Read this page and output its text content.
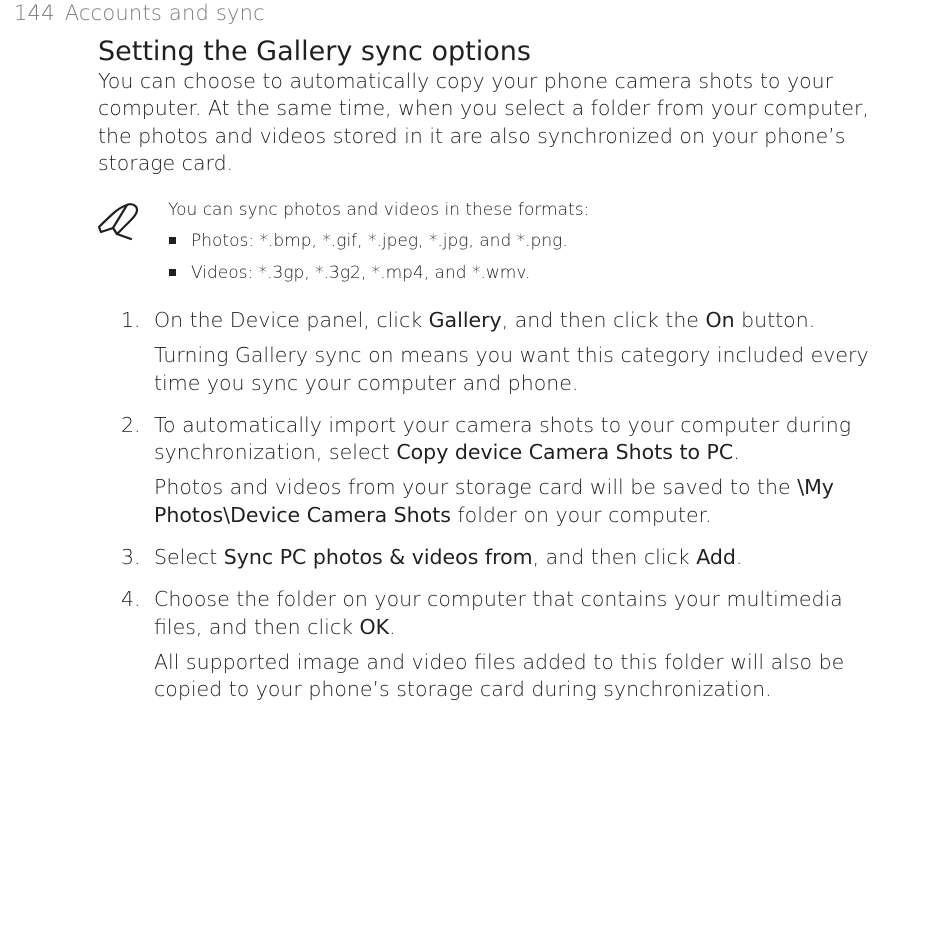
144 Accounts and sync
Setting the Gallery sync options

You can choose to automatically copy your phone camera shots to your computer. At the same time, when you select a folder from your computer, the photos and videos stored in it are also synchronized on your phone’s storage card.

You can sync photos and videos in these formats:

Photos: *.bmp, *.gif, *.jpeg, *.jpg, and *.png.
Videos: *.3gp, *.3g2, *.mp4, and *.wmv.
1. On the Device panel, click Gallery, and then click the On button.

Turning Gallery sync on means you want this category included every time you sync your computer and phone.

2. To automatically import your camera shots to your computer during synchronization, select Copy device Camera Shots to PC.

Photos and videos from your storage card will be saved to the \My Photos\Device Camera Shots folder on your computer.

3. Select Sync PC photos & videos from, and then click Add.

4. Choose the folder on your computer that contains your multimedia files, and then click OK.

All supported image and video files added to this folder will also be copied to your phone’s storage card during synchronization.
